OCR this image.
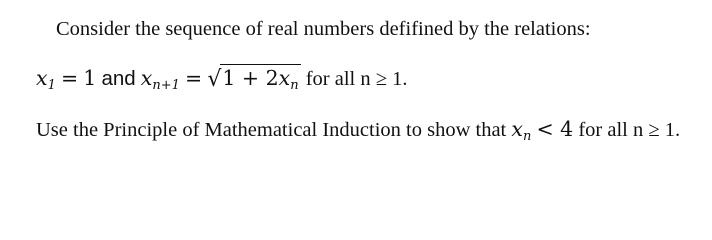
Consider the sequence of real numbers defifined by the relations:
$x_1 = 1$ and $x_{n+1} = √1 + 2x_n$ for all n ≥ 1.
Use the Principle of Mathematical Induction to show that $x_n < 4$ for all n ≥ 1.
